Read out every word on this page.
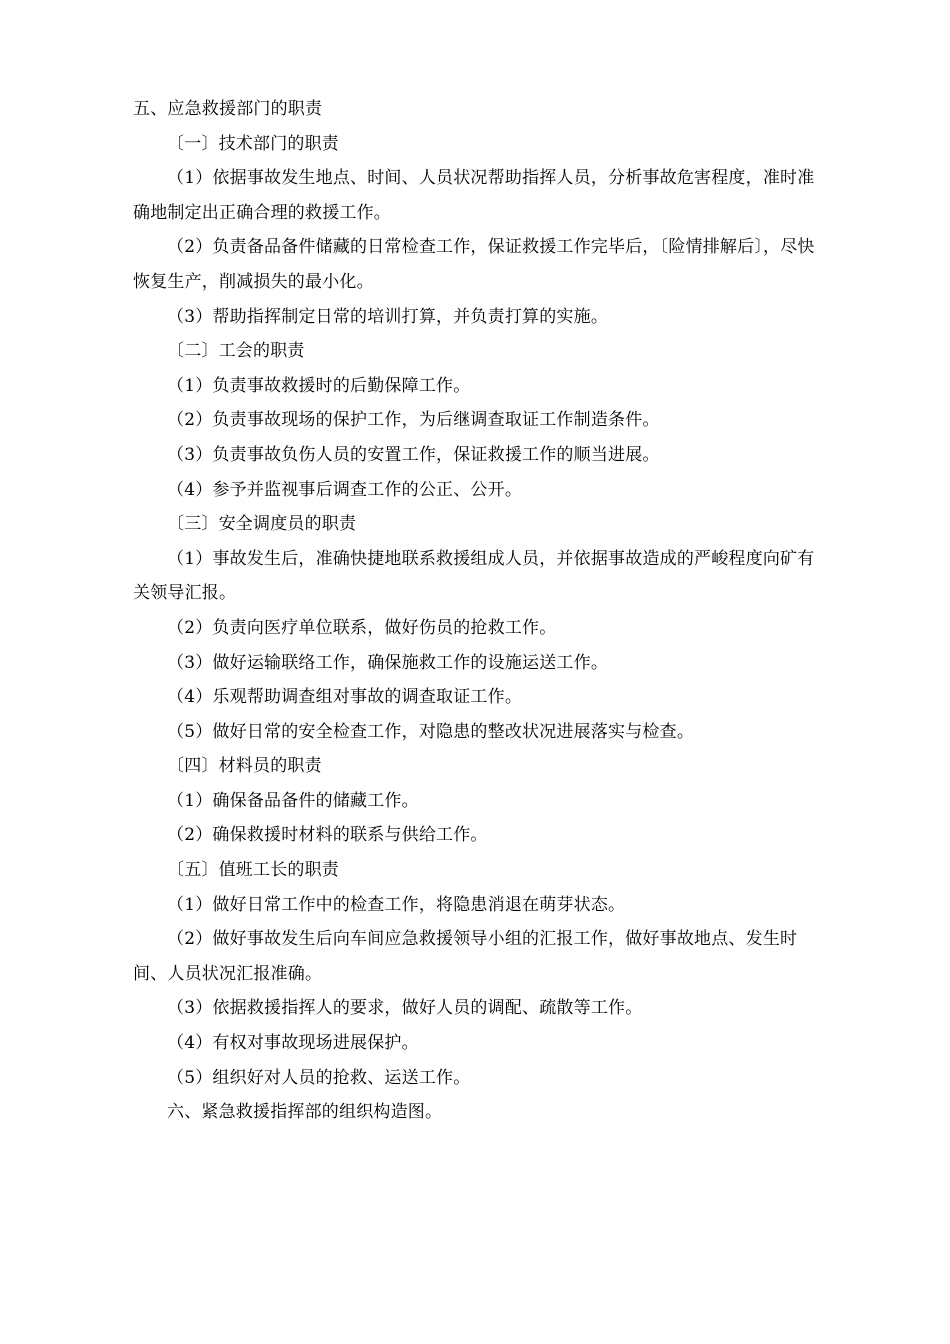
五、应急救援部门的职责

〔一〕技术部门的职责

（1）依据事故发生地点、时间、人员状况帮助指挥人员，分析事故危害程度，准时准确地制定出正确合理的救援工作。

（2）负责备品备件储藏的日常检查工作，保证救援工作完毕后，〔险情排解后〕，尽快恢复生产，削减损失的最小化。

（3）帮助指挥制定日常的培训打算，并负责打算的实施。

〔二〕工会的职责

（1）负责事故救援时的后勤保障工作。

（2）负责事故现场的保护工作，为后继调查取证工作制造条件。

（3）负责事故负伤人员的安置工作，保证救援工作的顺当进展。

（4）参予并监视事后调查工作的公正、公开。

〔三〕安全调度员的职责

（1）事故发生后，准确快捷地联系救援组成人员，并依据事故造成的严峻程度向矿有关领导汇报。

（2）负责向医疗单位联系，做好伤员的抢救工作。

（3）做好运输联络工作，确保施救工作的设施运送工作。

（4）乐观帮助调查组对事故的调查取证工作。

（5）做好日常的安全检查工作，对隐患的整改状况进展落实与检查。

〔四〕材料员的职责

（1）确保备品备件的储藏工作。

（2）确保救援时材料的联系与供给工作。

〔五〕值班工长的职责

（1）做好日常工作中的检查工作，将隐患消退在萌芽状态。

（2）做好事故发生后向车间应急救援领导小组的汇报工作，做好事故地点、发生时间、人员状况汇报准确。

（3）依据救援指挥人的要求，做好人员的调配、疏散等工作。

（4）有权对事故现场进展保护。

（5）组织好对人员的抢救、运送工作。

六、紧急救援指挥部的组织构造图。
